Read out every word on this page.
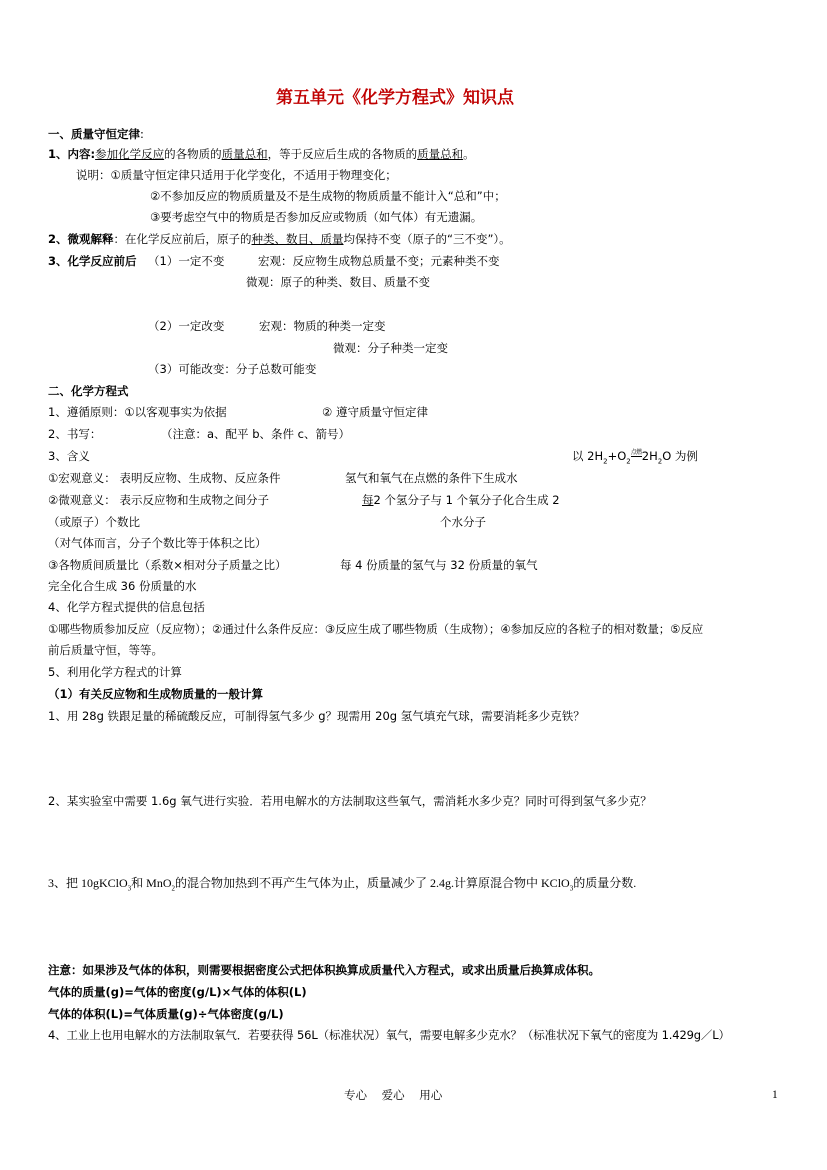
第五单元《化学方程式》知识点
一、质量守恒定律:
1、内容:参加化学反应的各物质的质量总和，等于反应后生成的各物质的质量总和。
说明：①质量守恒定律只适用于化学变化，不适用于物理变化；
②不参加反应的物质质量及不是生成物的物质质量不能计入“总和”中；
③要考虑空气中的物质是否参加反应或物质（如气体）有无遗漏。
2、微观解释：在化学反应前后，原子的种类、数目、质量均保持不变（原子的“三不变”）。
3、化学反应前后 （1）一定不变	宏观：反应物生成物总质量不变；元素种类不变
微观：原子的种类、数目、质量不变
（2）一定改变	宏观：物质的种类一定变
微观：分子种类一定变
（3）可能改变：分子总数可能变
二、化学方程式
1、遵循原则：①以客观事实为依据	② 遵守质量守恒定律
2、书写：	（注意：a、配平 b、条件 c、箭号）
3、含义	以 $2H_2+O_2^{点燃}2H_2O$ 为例
①宏观意义： 表明反应物、生成物、反应条件	氢气和氧气在点燃的条件下生成水
②微观意义： 表示反应物和生成物之间分子	每2 个氢分子与 1 个氧分子化合生成 2
（或原子）个数比	个水分子
（对气体而言，分子个数比等于体积之比）
③各物质间质量比（系数×相对分子质量之比）	每 4 份质量的氢气与 32 份质量的氧气
完全化合生成 36 份质量的水
4、化学方程式提供的信息包括
①哪些物质参加反应（反应物）；②通过什么条件反应：③反应生成了哪些物质（生成物）；④参加反应的各粒子的相对数量；⑤反应
前后质量守恒，等等。
5、利用化学方程式的计算
（1）有关反应物和生成物质量的一般计算
1、用 28g 铁跟足量的稀硫酸反应，可制得氢气多少 g？现需用 20g 氢气填充气球，需要消耗多少克铁？
2、某实验室中需要 1.6g 氧气进行实验．若用电解水的方法制取这些氧气，需消耗水多少克？同时可得到氢气多少克？
3、把 10gKClO$_3$和 MnO$_2$的混合物加热到不再产生气体为止，质量减少了 2.4g.计算原混合物中 KClO$_3$的质量分数.
注意：如果涉及气体的体积，则需要根据密度公式把体积换算成质量代入方程式，或求出质量后换算成体积。
气体的质量(g)=气体的密度(g/L)×气体的体积(L)
气体的体积(L)=气体质量(g)÷气体密度(g/L)
4、工业上也用电解水的方法制取氧气．若要获得 56L（标准状况）氧气，需要电解多少克水？（标准状况下氧气的密度为 1.429g／L）
专心    爱心    用心	1
